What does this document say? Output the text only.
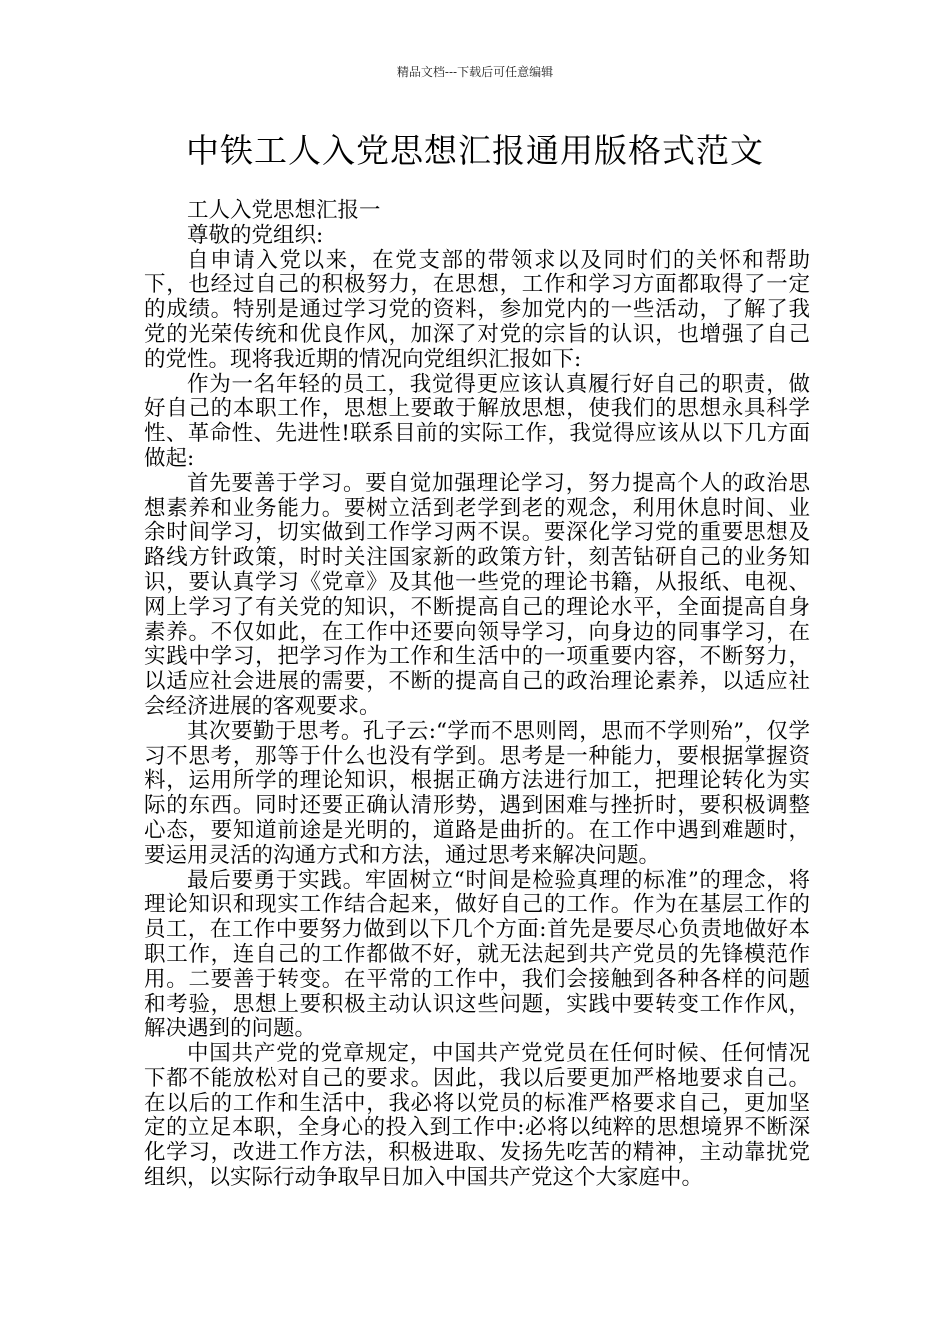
精品文档---下载后可任意编辑
中铁工人入党思想汇报通用版格式范文

工人入党思想汇报一

尊敬的党组织:

自申请入党以来，在党支部的带领求以及同时们的关怀和帮助下，也经过自己的积极努力，在思想，工作和学习方面都取得了一定的成绩。特别是通过学习党的资料，参加党内的一些活动，了解了我党的光荣传统和优良作风，加深了对党的宗旨的认识，也增强了自己的党性。现将我近期的情况向党组织汇报如下:

作为一名年轻的员工，我觉得更应该认真履行好自己的职责，做好自己的本职工作，思想上要敢于解放思想，使我们的思想永具科学性、革命性、先进性!联系目前的实际工作，我觉得应该从以下几方面做起:

首先要善于学习。要自觉加强理论学习，努力提高个人的政治思想素养和业务能力。要树立活到老学到老的观念，利用休息时间、业余时间学习，切实做到工作学习两不误。要深化学习党的重要思想及路线方针政策，时时关注国家新的政策方针，刻苦钻研自己的业务知识，要认真学习《党章》及其他一些党的理论书籍，从报纸、电视、网上学习了有关党的知识，不断提高自己的理论水平，全面提高自身素养。不仅如此，在工作中还要向领导学习，向身边的同事学习，在实践中学习，把学习作为工作和生活中的一项重要内容，不断努力，以适应社会进展的需要，不断的提高自己的政治理论素养，以适应社会经济进展的客观要求。

其次要勤于思考。孔子云:“学而不思则罔，思而不学则殆”，仅学习不思考，那等于什么也没有学到。思考是一种能力，要根据掌握资料，运用所学的理论知识，根据正确方法进行加工，把理论转化为实际的东西。同时还要正确认清形势，遇到困难与挫折时，要积极调整心态，要知道前途是光明的，道路是曲折的。在工作中遇到难题时，要运用灵活的沟通方式和方法，通过思考来解决问题。

最后要勇于实践。牢固树立“时间是检验真理的标准”的理念，将理论知识和现实工作结合起来，做好自己的工作。作为在基层工作的员工，在工作中要努力做到以下几个方面:首先是要尽心负责地做好本职工作，连自己的工作都做不好，就无法起到共产党员的先锋模范作用。二要善于转变。在平常的工作中，我们会接触到各种各样的问题和考验，思想上要积极主动认识这些问题，实践中要转变工作作风，解决遇到的问题。

中国共产党的党章规定，中国共产党党员在任何时候、任何情况下都不能放松对自己的要求。因此，我以后要更加严格地要求自己。在以后的工作和生活中，我必将以党员的标准严格要求自己，更加坚定的立足本职，全身心的投入到工作中:必将以纯粹的思想境界不断深化学习，改进工作方法，积极进取、发扬先吃苦的精神，主动靠扰党组织，以实际行动争取早日加入中国共产党这个大家庭中。
